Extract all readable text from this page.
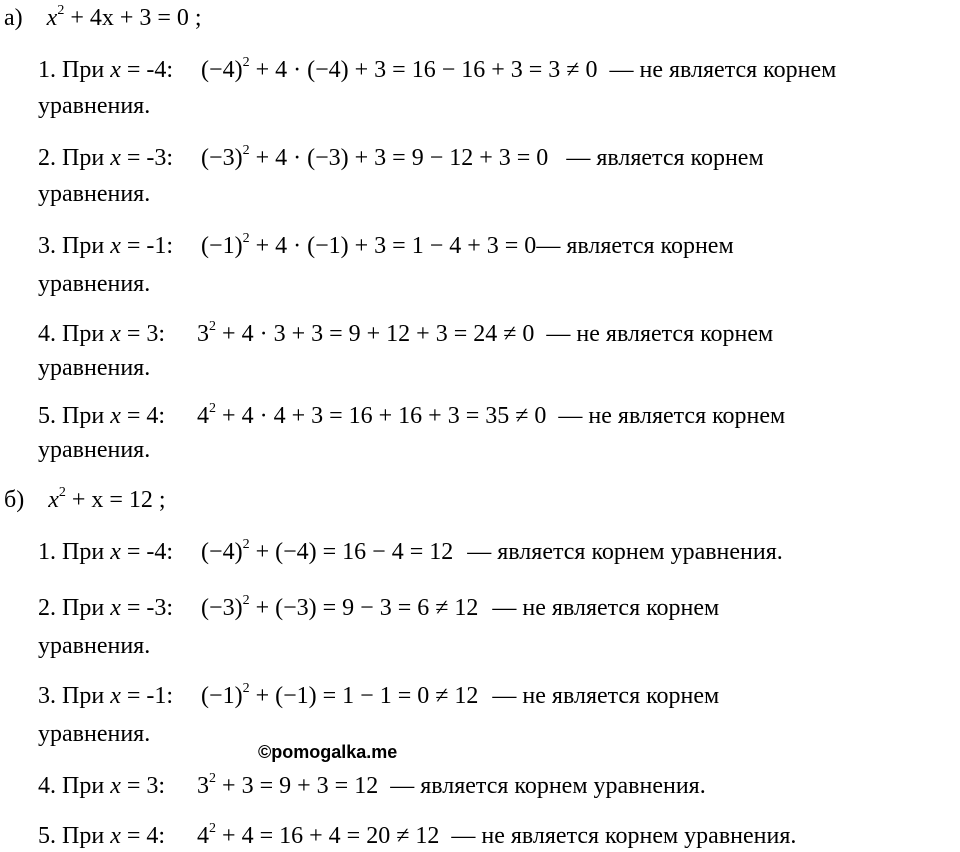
а) $x^2 + 4x + 3 = 0$ ;
1. При x = -4: $(-4)^2 + 4 \cdot (-4) + 3 = 16 - 16 + 3 = 3 \ne 0$ — не является корнем
уравнения.
2. При x = -3: $(-3)^2 + 4 \cdot (-3) + 3 = 9 - 12 + 3 = 0$ — является корнем
уравнения.
3. При x = -1: $(-1)^2 + 4 \cdot (-1) + 3 = 1 - 4 + 3$ = 0— является корнем
уравнения.
4. При x = 3: $3^2 + 4 \cdot 3 + 3 = 9 + 12 + 3 = 24 \ne 0$ — не является корнем
уравнения.
5. При x = 4: $4^2 + 4 \cdot 4 + 3 = 16 + 16 + 3 = 35 \ne 0$ — не является корнем
уравнения.
б) $x^2 + x = 12$ ;
1. При x = -4: $(-4)^2 + (-4) = 16 - 4 = 12$ — является корнем уравнения.
2. При x = -3: $(-3)^2 + (-3) = 9 - 3 = 6 \ne 12$ — не является корнем
уравнения.
3. При x = -1: $(-1)^2 + (-1) = 1 - 1 = 0 \ne 12$ — не является корнем
уравнения.
©pomogalka.me
4. При x = 3: $3^2 + 3 = 9 + 3 = 12$ — является корнем уравнения.
5. При x = 4: $4^2 + 4 = 16 + 4 = 20 \ne 12$ — не является корнем уравнения.
